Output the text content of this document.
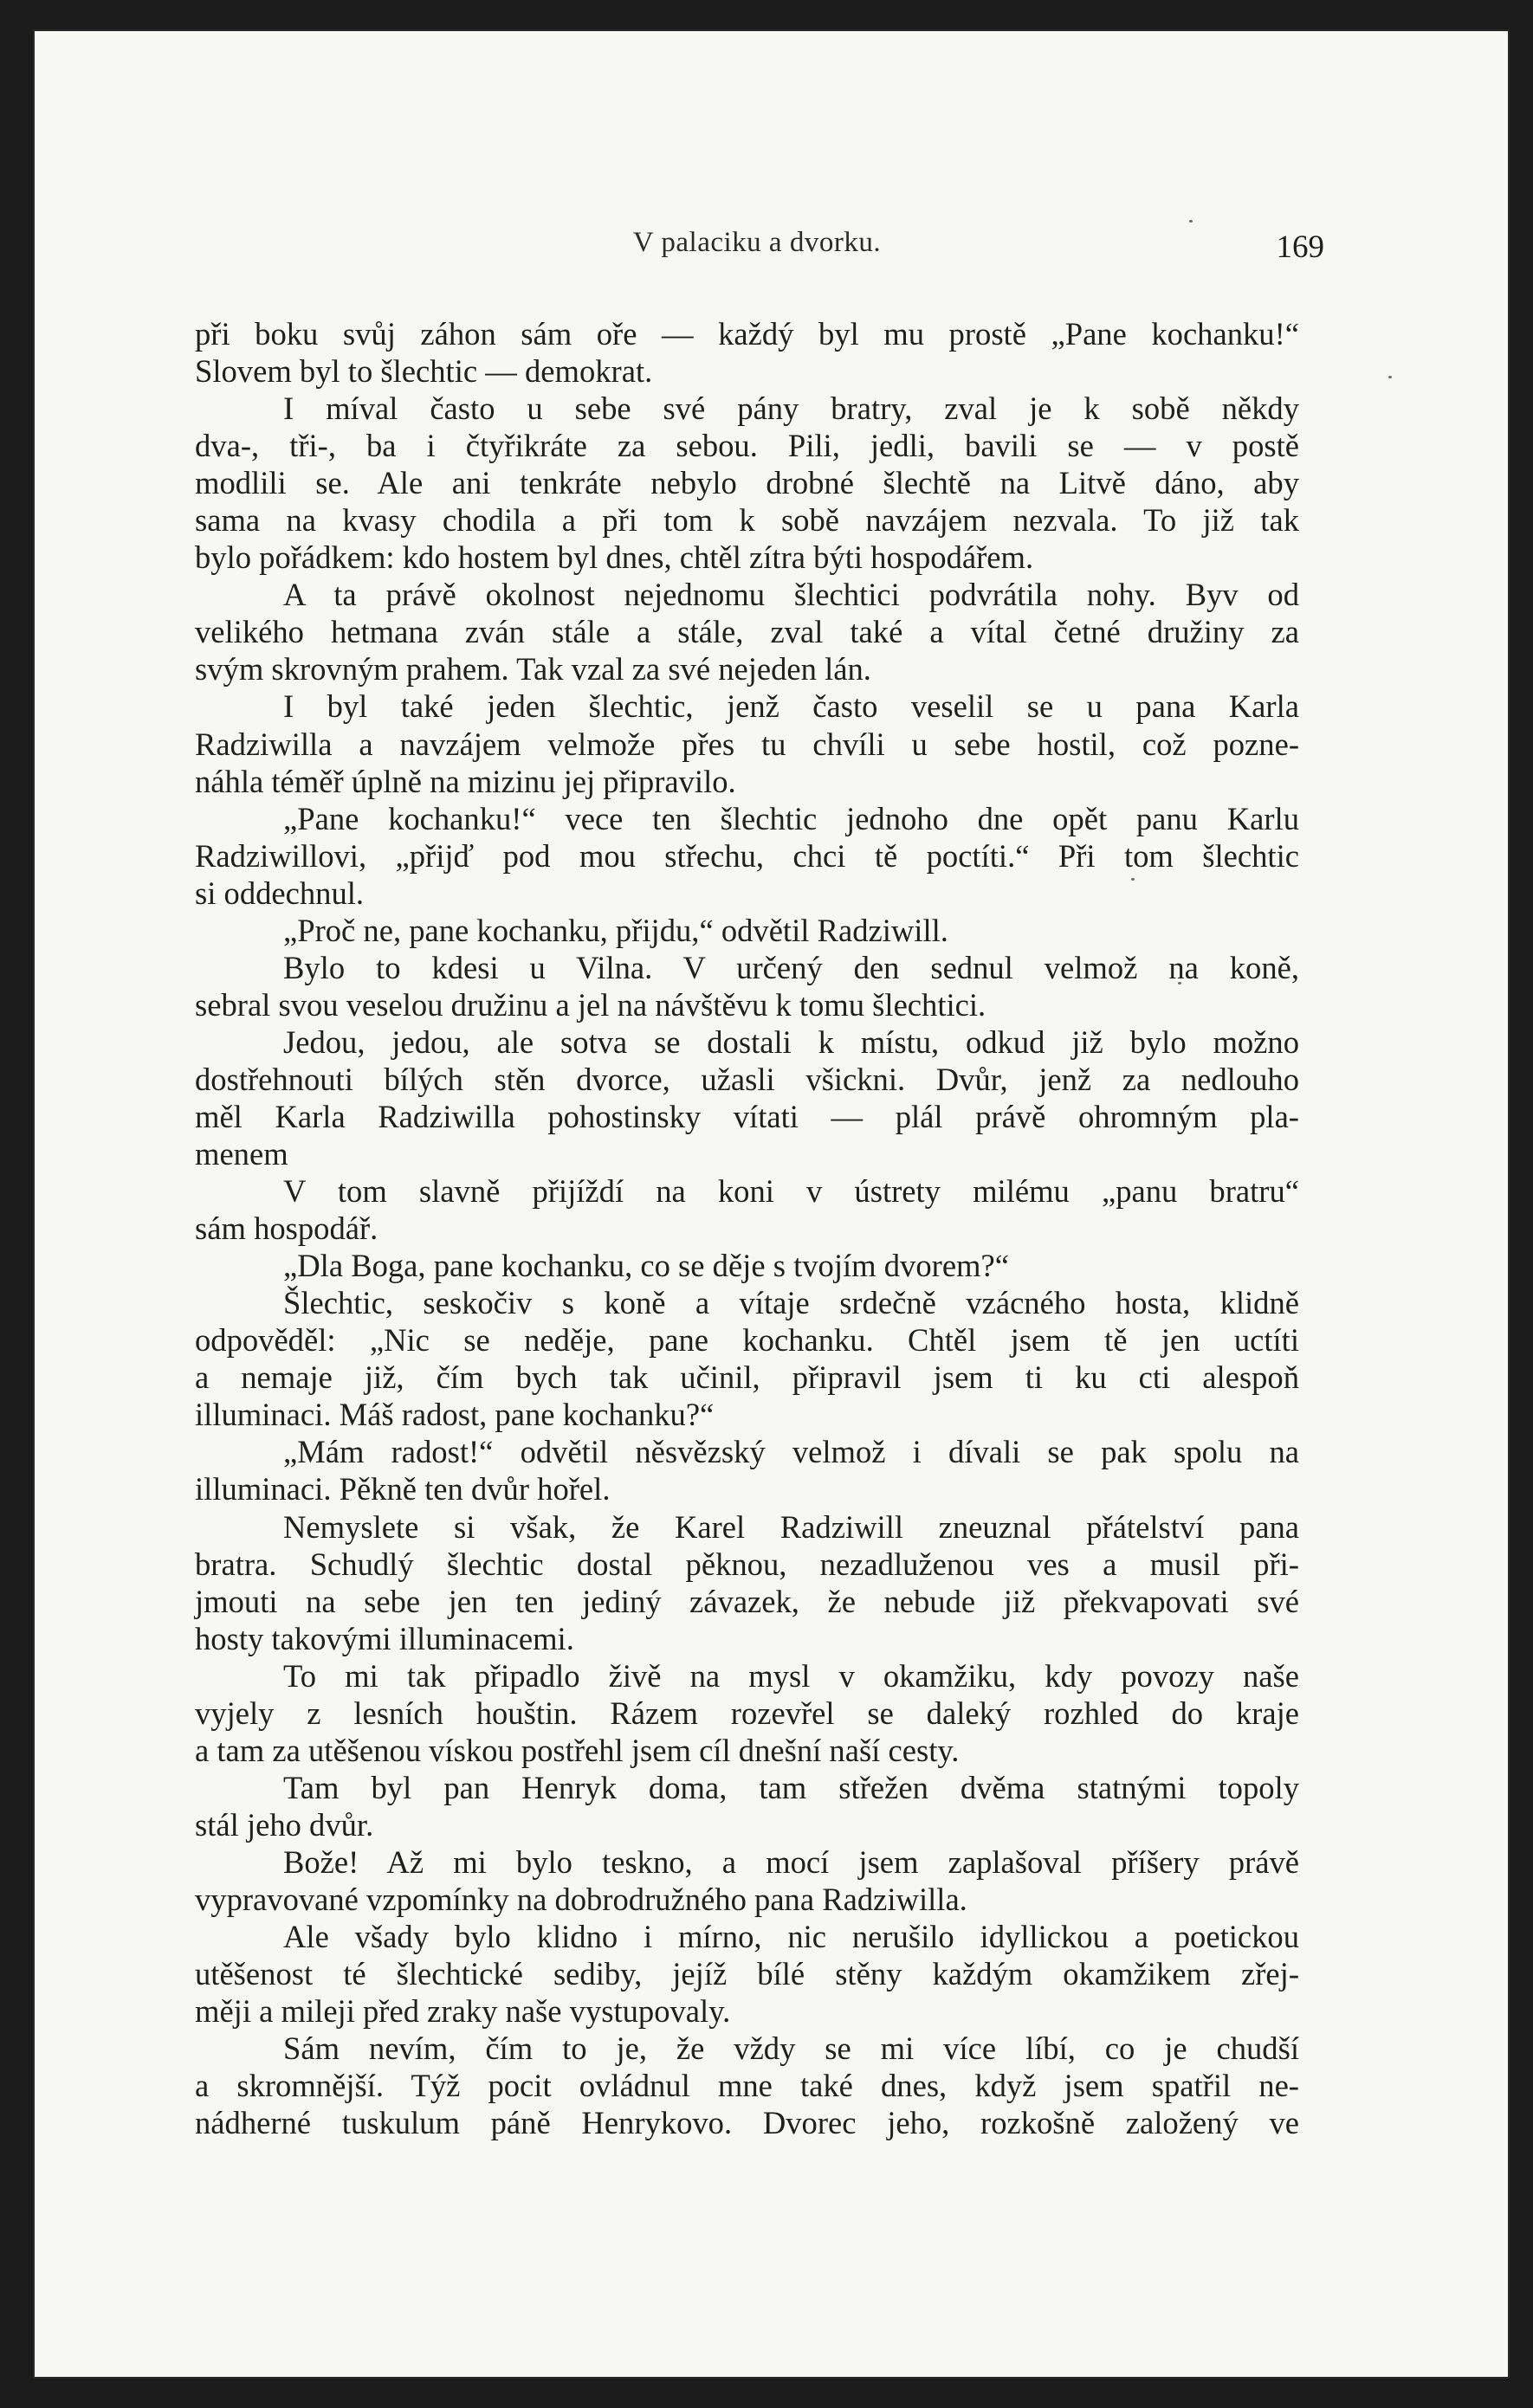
V palaciku a dvorku.	169

při boku svůj záhon sám oře — každý byl mu prostě „Pane kochanku!“

Slovem byl to šlechtic — demokrat.

I míval často u sebe své pány bratry, zval je k sobě někdy

dva-, tři-, ba i čtyřikráte za sebou. Pili, jedli, bavili se — v postě

modlili se. Ale ani tenkráte nebylo drobné šlechtě na Litvě dáno, aby

sama na kvasy chodila a při tom k sobě navzájem nezvala. To již tak

bylo pořádkem: kdo hostem byl dnes, chtěl zítra býti hospodářem.

A ta právě okolnost nejednomu šlechtici podvrátila nohy. Byv od

velikého hetmana zván stále a stále, zval také a vítal četné družiny za

svým skrovným prahem. Tak vzal za své nejeden lán.

I byl také jeden šlechtic, jenž často veselil se u pana Karla

Radziwilla a navzájem velmože přes tu chvíli u sebe hostil, což pozne-

náhla téměř úplně na mizinu jej připravilo.

„Pane kochanku!“ vece ten šlechtic jednoho dne opět panu Karlu

Radziwillovi, „přijď pod mou střechu, chci tě poctíti.“ Při tom šlechtic

si oddechnul.

„Proč ne, pane kochanku, přijdu,“ odvětil Radziwill.

Bylo to kdesi u Vilna. V určený den sednul velmož na koně,

sebral svou veselou družinu a jel na návštěvu k tomu šlechtici.

Jedou, jedou, ale sotva se dostali k místu, odkud již bylo možno

dostřehnouti bílých stěn dvorce, užasli všickni. Dvůr, jenž za nedlouho

měl Karla Radziwilla pohostinsky vítati — plál právě ohromným pla-

menem

V tom slavně přijíždí na koni v ústrety milému „panu bratru“

sám hospodář.

„Dla Boga, pane kochanku, co se děje s tvojím dvorem?“

Šlechtic, seskočiv s koně a vítaje srdečně vzácného hosta, klidně

odpověděl: „Nic se neděje, pane kochanku. Chtěl jsem tě jen uctíti

a nemaje již, čím bych tak učinil, připravil jsem ti ku cti alespoň

illuminaci. Máš radost, pane kochanku?“

„Mám radost!“ odvětil něsvězský velmož i dívali se pak spolu na

illuminaci. Pěkně ten dvůr hořel.

Nemyslete si však, že Karel Radziwill zneuznal přátelství pana

bratra. Schudlý šlechtic dostal pěknou, nezadluženou ves a musil při-

jmouti na sebe jen ten jediný závazek, že nebude již překvapovati své

hosty takovými illuminacemi.

To mi tak připadlo živě na mysl v okamžiku, kdy povozy naše

vyjely z lesních houštin. Rázem rozevřel se daleký rozhled do kraje

a tam za utěšenou vískou postřehl jsem cíl dnešní naší cesty.

Tam byl pan Henryk doma, tam střežen dvěma statnými topoly

stál jeho dvůr.

Bože! Až mi bylo teskno, a mocí jsem zaplašoval příšery právě

vypravované vzpomínky na dobrodružného pana Radziwilla.

Ale všady bylo klidno i mírno, nic nerušilo idyllickou a poetickou

utěšenost té šlechtické sediby, jejíž bílé stěny každým okamžikem zřej-

měji a mileji před zraky naše vystupovaly.

Sám nevím, čím to je, že vždy se mi více líbí, co je chudší

a skromnější. Týž pocit ovládnul mne také dnes, když jsem spatřil ne-

nádherné tuskulum páně Henrykovo. Dvorec jeho, rozkošně založený ve
